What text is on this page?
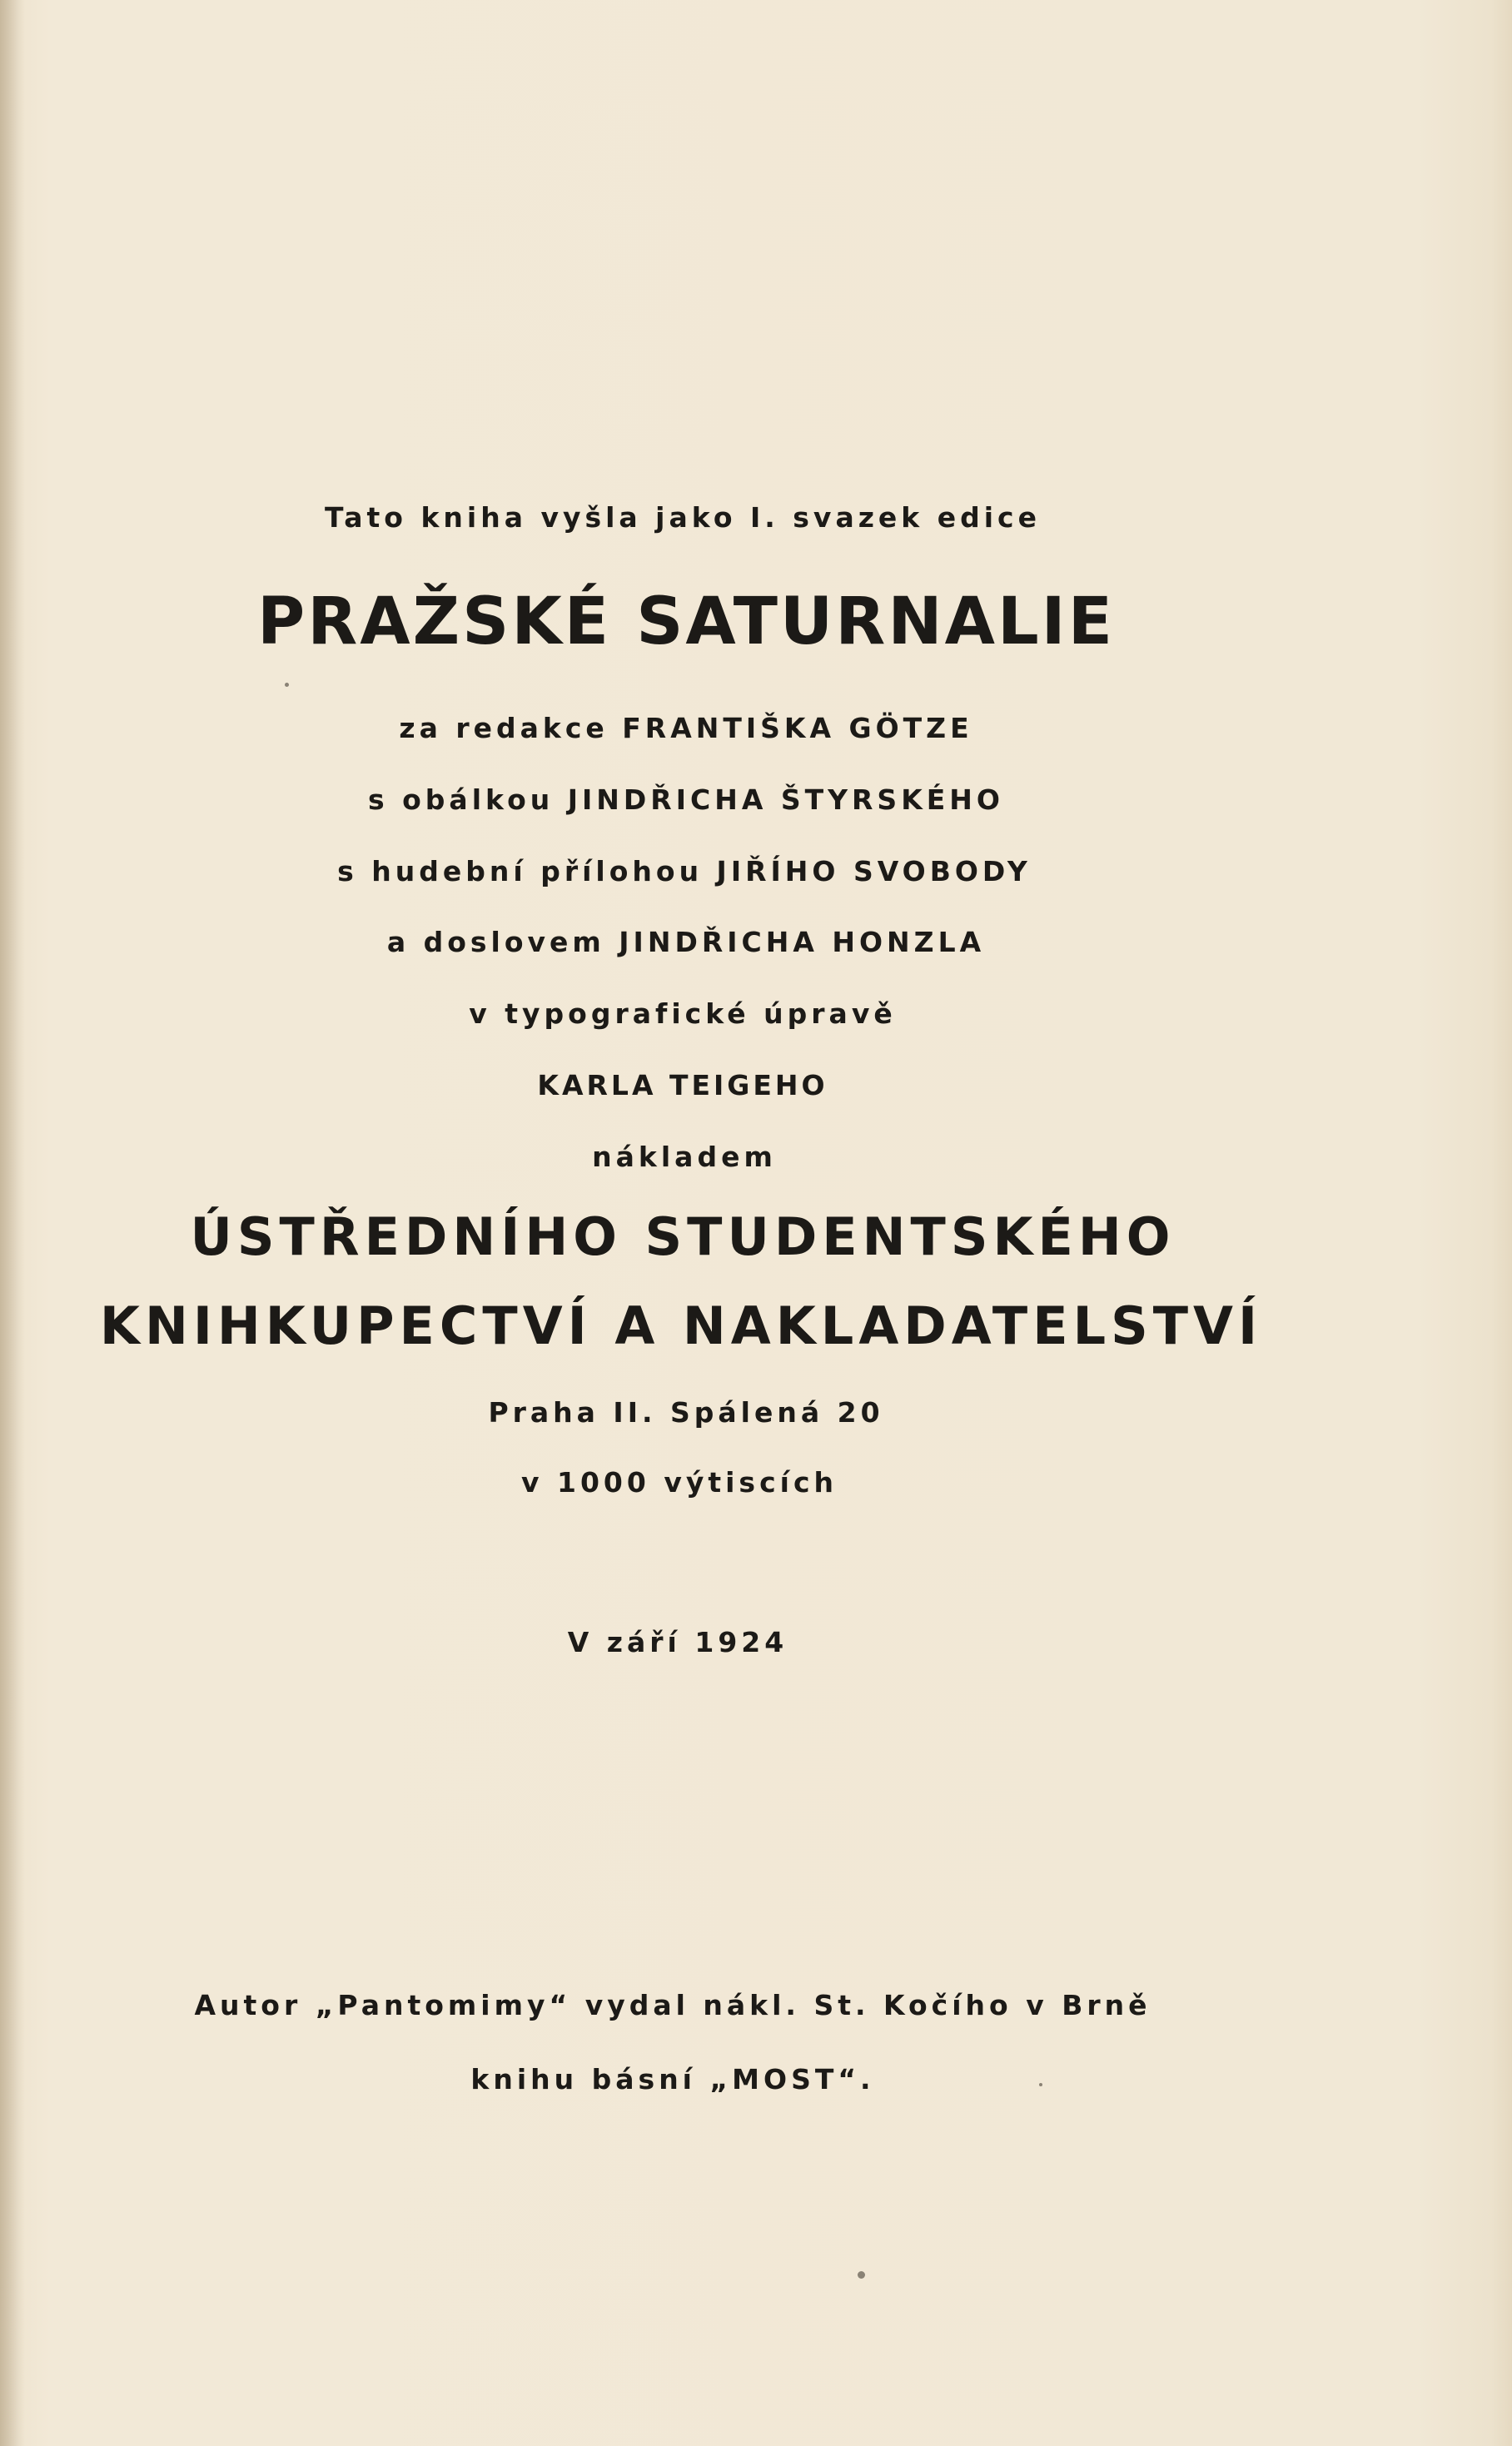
Tato kniha vyšla jako I. svazek edice
PRAŽSKÉ SATURNALIE
za redakce FRANTIŠKA GÖTZE
s obálkou JINDŘICHA ŠTYRSKÉHO
s hudební přílohou JIŘÍHO SVOBODY
a doslovem JINDŘICHA HONZLA
v typografické úpravě
KARLA TEIGEHO
nákladem
ÚSTŘEDNÍHO STUDENTSKÉHO
KNIHKUPECTVÍ A NAKLADATELSTVÍ
Praha II. Spálená 20
v 1000 výtiscích
V září 1924
Autor „Pantomimy“ vydal nákl. St. Kočího v Brně
knihu básní „MOST“.
